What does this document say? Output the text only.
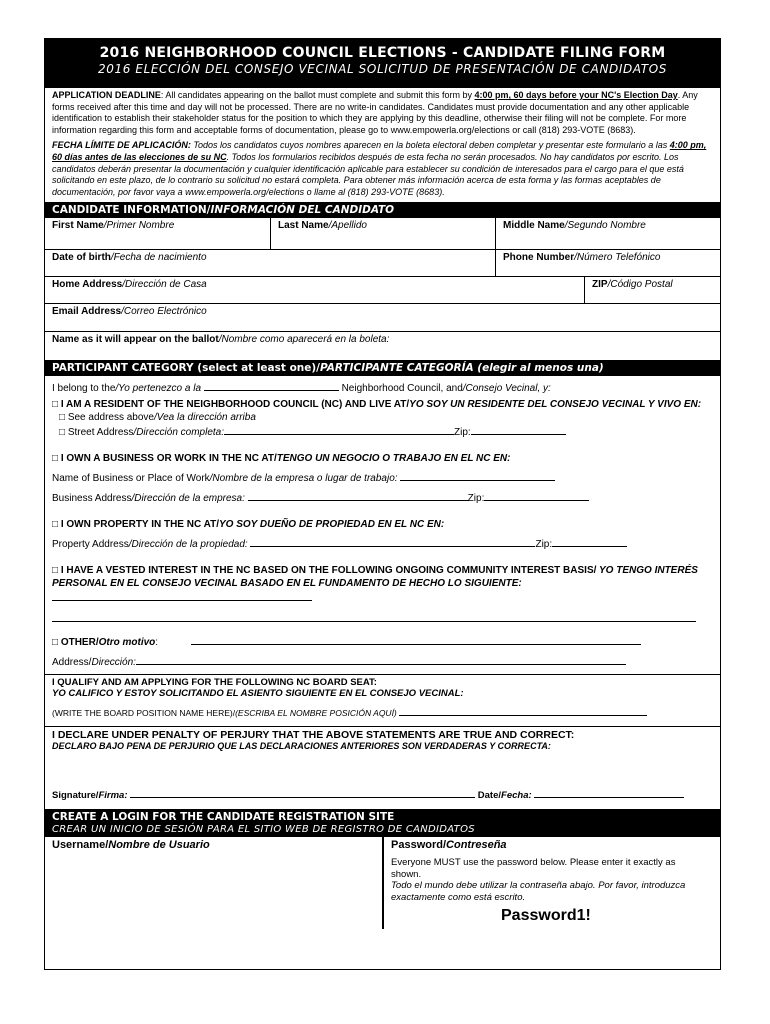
2016 NEIGHBORHOOD COUNCIL ELECTIONS - CANDIDATE FILING FORM
2016 ELECCIÓN DEL CONSEJO VECINAL SOLICITUD DE PRESENTACIÓN DE CANDIDATOS

APPLICATION DEADLINE: All candidates appearing on the ballot must complete and submit this form by 4:00 pm, 60 days before your NC's Election Day. Any forms received after this time and day will not be processed. There are no write-in candidates. Candidates must provide documentation and any other applicable identification to establish their stakeholder status for the position to which they are applying by this deadline, otherwise their filing will not be complete. For more information regarding this form and acceptable forms of documentation, please go to www.empowerla.org/elections or call (818) 293-VOTE (8683).

FECHA LÍMITE DE APLICACIÓN: Todos los candidatos cuyos nombres aparecen en la boleta electoral deben completar y presentar este formulario a las 4:00 pm, 60 días antes de las elecciones de su NC. Todos los formularios recibidos después de esta fecha no serán procesados. No hay candidatos por escrito. Los candidatos deberán presentar la documentación y cualquier identificación aplicable para establecer su condición de interesados para el cargo para el que está solicitando en este plazo, de lo contrario su solicitud no estará completa. Para obtener más información acerca de esta forma y las formas aceptables de documentación, por favor vaya a www.empowerla.org/elections o llame al (818) 293-VOTE (8683).

CANDIDATE INFORMATION/INFORMACIÓN DEL CANDIDATO
First Name/Primer Nombre	Last Name/Apellido	Middle Name/Segundo Nombre
Date of birth/Fecha de nacimiento	Phone Number/Número Telefónico
Home Address/Dirección de Casa	ZIP/Código Postal
Email Address/Correo Electrónico
Name as it will appear on the ballot/Nombre como aparecerá en la boleta:
PARTICIPANT CATEGORY (select at least one)/PARTICIPANTE CATEGORÍA (elegir al menos una)
I belong to the/Yo pertenezco a la	Neighborhood Council, and/Consejo Vecinal, y:
□ I AM A RESIDENT OF THE NEIGHBORHOOD COUNCIL (NC) AND LIVE AT/YO SOY UN RESIDENTE DEL CONSEJO VECINAL Y VIVO EN:
□ See address above/Vea la dirección arriba
□ Street Address/Dirección completa:	Zip:
□ I OWN A BUSINESS OR WORK IN THE NC AT/TENGO UN NEGOCIO O TRABAJO EN EL NC EN:
Name of Business or Place of Work/Nombre de la empresa o lugar de trabajo:
Business Address/Dirección de la empresa:	Zip:
□ I OWN PROPERTY IN THE NC AT/YO SOY DUEÑO DE PROPIEDAD EN EL NC EN:
Property Address/Dirección de la propiedad:	Zip:
□ I HAVE A VESTED INTEREST IN THE NC BASED ON THE FOLLOWING ONGOING COMMUNITY INTEREST BASIS/ YO TENGO INTERÉS PERSONAL EN EL CONSEJO VECINAL BASADO EN EL FUNDAMENTO DE HECHO LO SIGUIENTE:
□ OTHER/Otro motivo:
Address/Dirección:
I QUALIFY AND AM APPLYING FOR THE FOLLOWING NC BOARD SEAT:
YO CALIFICO Y ESTOY SOLICITANDO EL ASIENTO SIGUIENTE EN EL CONSEJO VECINAL:
(WRITE THE BOARD POSITION NAME HERE)/(ESCRIBA EL NOMBRE POSICIÓN AQUÍ)
I DECLARE UNDER PENALTY OF PERJURY THAT THE ABOVE STATEMENTS ARE TRUE AND CORRECT:
DECLARO BAJO PENA DE PERJURIO QUE LAS DECLARACIONES ANTERIORES SON VERDADERAS Y CORRECTA:
Signature/Firma:	Date/Fecha:
CREATE A LOGIN FOR THE CANDIDATE REGISTRATION SITE
CREAR UN INICIO DE SESIÓN PARA EL SITIO WEB DE REGISTRO DE CANDIDATOS
Username/Nombre de Usuario	Password/Contreseña
Everyone MUST use the password below. Please enter it exactly as shown.
Todo el mundo debe utilizar la contraseña abajo. Por favor, introduzca exactamente como está escrito.
Password1!
